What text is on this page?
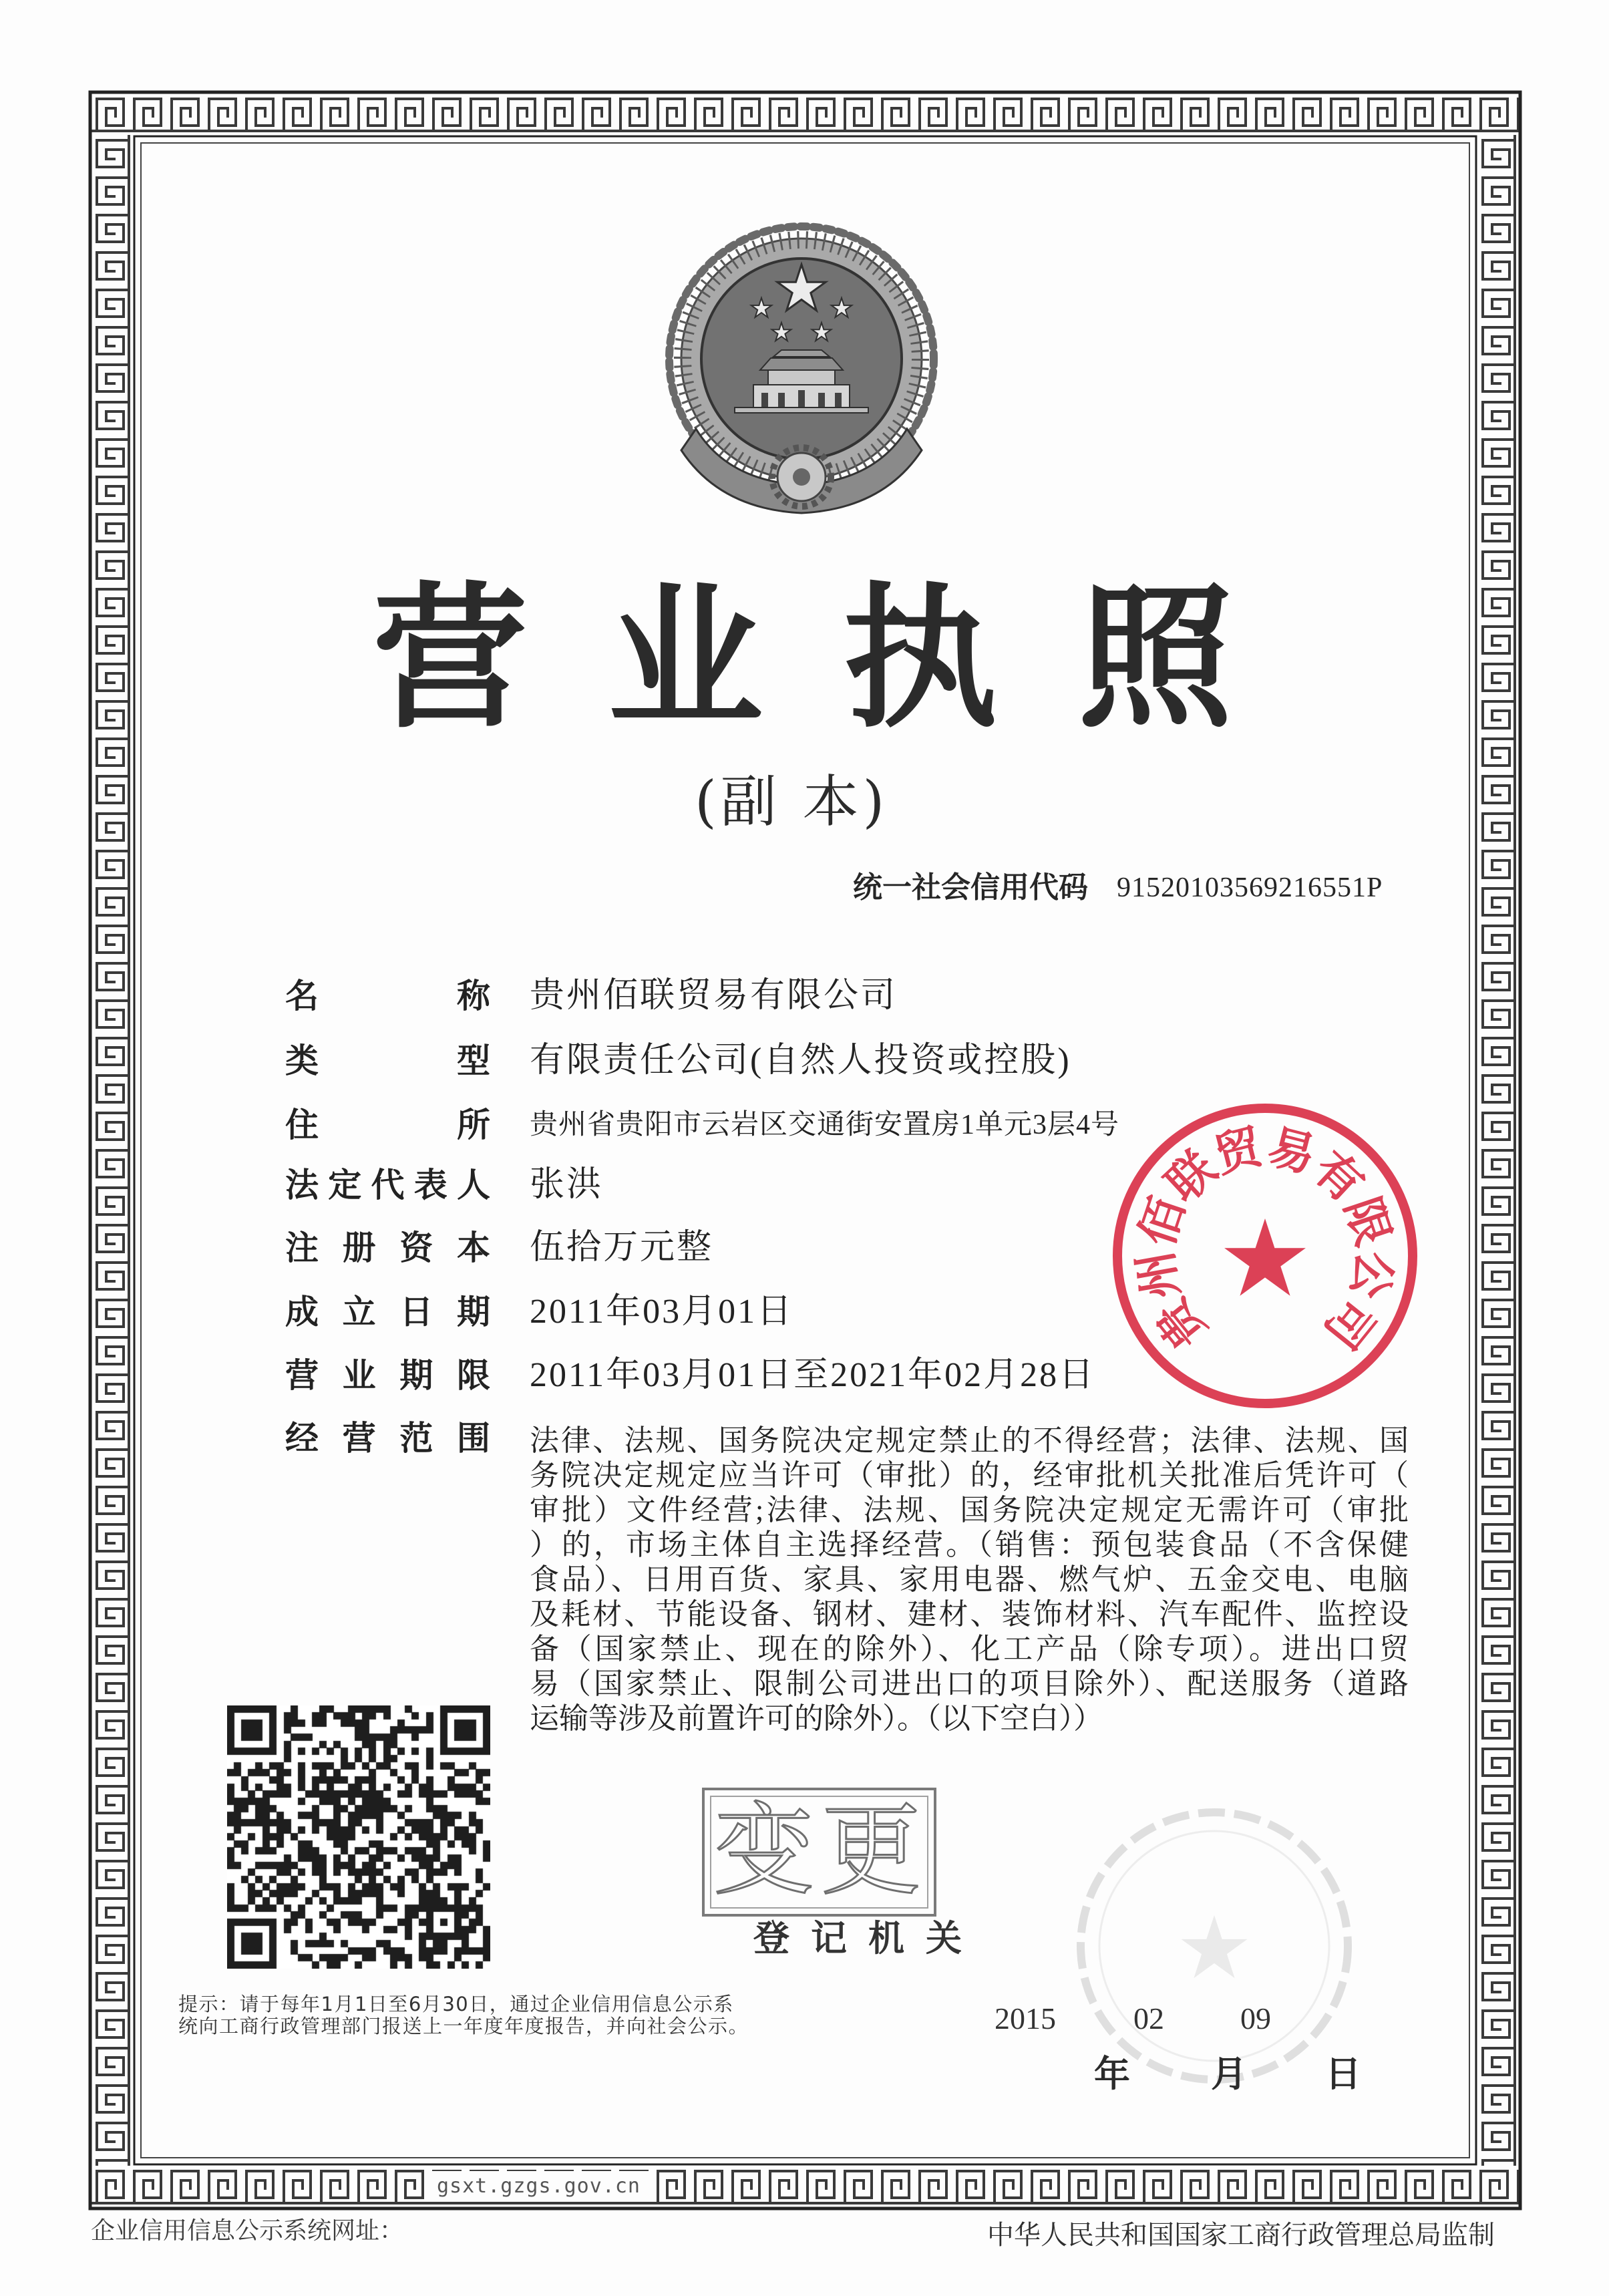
营业执照
(副 本)
统一社会信用代码 91520103569216551P
名称 贵州佰联贸易有限公司
类型 有限责任公司(自然人投资或控股)
住所 贵州省贵阳市云岩区交通街安置房1单元3层4号
法定代表人 张洪
注册资本 伍拾万元整
成立日期 2011年03月01日
营业期限 2011年03月01日至2021年02月28日
经营范围 法律、法规、国务院决定规定禁止的不得经营；法律、法规、国
务院决定规定应当许可（审批）的，经审批机关批准后凭许可（
审批）文件经营;法律、法规、国务院决定规定无需许可（审批
）的，市场主体自主选择经营。（销售：预包装食品（不含保健
食品）、日用百货、家具、家用电器、燃气炉、五金交电、电脑
及耗材、节能设备、钢材、建材、装饰材料、汽车配件、监控设
备（国家禁止、现在的除外）、化工产品（除专项）。进出口贸
易（国家禁止、限制公司进出口的项目除外）、配送服务（道路
运输等涉及前置许可的除外）。（以下空白））
贵州佰联贸易有限公司
变更
登记机关
提示：请于每年1月1日至6月30日，通过企业信用信息公示系
统向工商行政管理部门报送上一年度年度报告，并向社会公示。	2015	02 09
年 月 日
gsxt.gzgs.gov.cn
企业信用信息公示系统网址：	中华人民共和国国家工商行政管理总局监制
